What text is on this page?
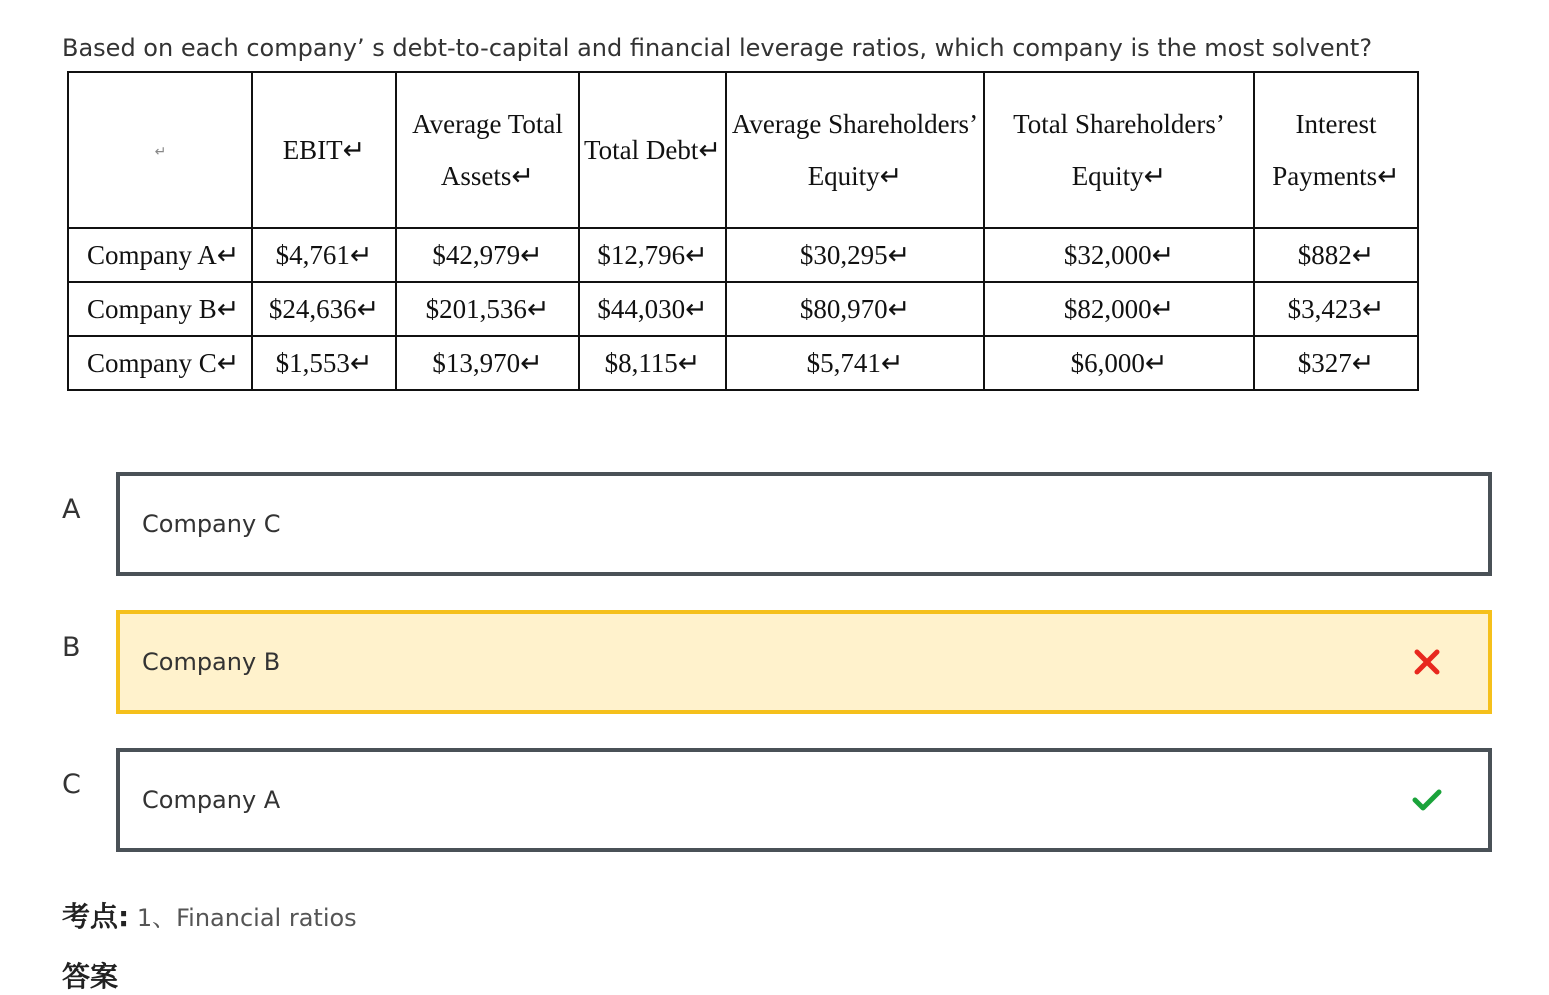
Based on each company’ s debt-to-capital and financial leverage ratios, which company is the most solvent?
↵	EBIT↵	Average Total Assets↵	Total Debt↵	Average Shareholders’ Equity↵	Total Shareholders’ Equity↵	Interest Payments↵
Company A↵	$4,761↵	$42,979↵	$12,796↵	$30,295↵	$32,000↵	$882↵
Company B↵	$24,636↵	$201,536↵	$44,030↵	$80,970↵	$82,000↵	$3,423↵
Company C↵	$1,553↵	$13,970↵	$8,115↵	$5,741↵	$6,000↵	$327↵
A	Company C
B	Company B
C	Company A
考点: 1、Financial ratios
答案
